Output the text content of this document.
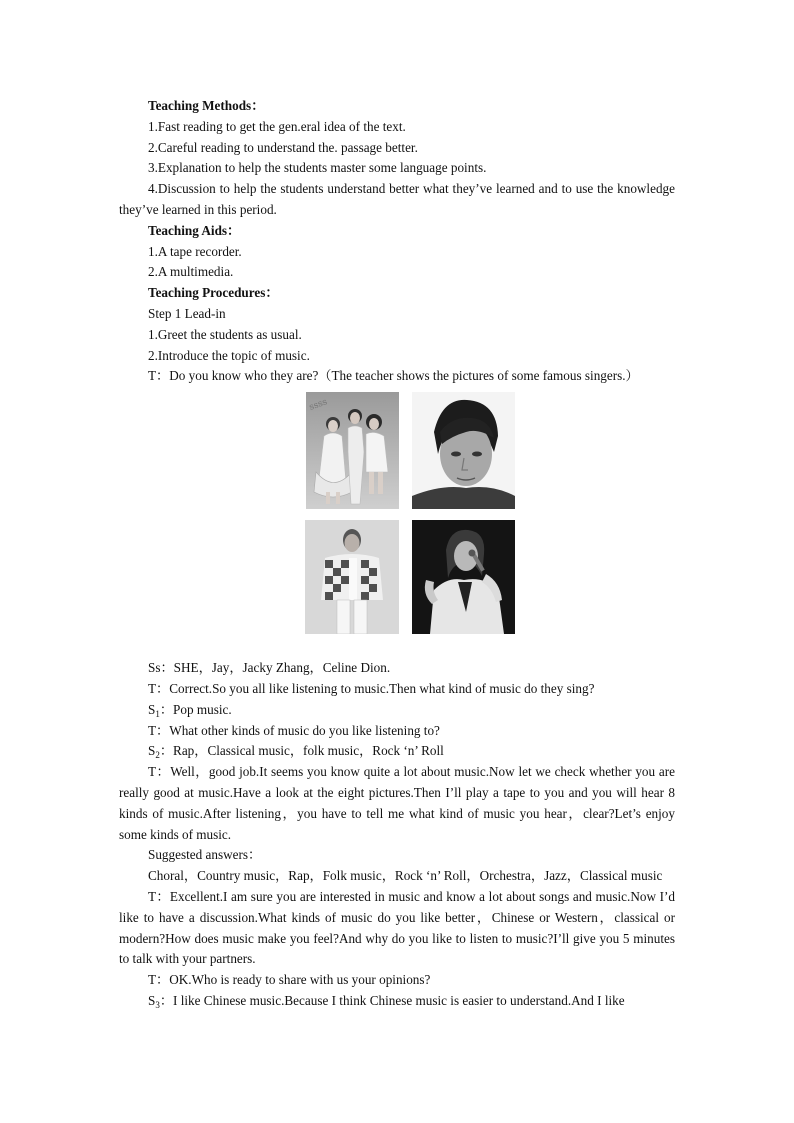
Teaching Methods：

1.Fast reading to get the gen.eral idea of the text.

2.Careful reading to understand the. passage better.

3.Explanation to help the students master some language points.

4.Discussion to help the students understand better what they’ve learned and to use the knowledge they’ve learned in this period.

Teaching Aids：

1.A tape recorder.

2.A multimedia.

Teaching Procedures：

Step 1 Lead-in

1.Greet the students as usual.

2.Introduce the topic of music.

T：Do you know who they are?（The teacher shows the pictures of some famous singers.）

ssss

Ss：SHE，Jay，Jacky Zhang，Celine Dion.

T：Correct.So you all like listening to music.Then what kind of music do they sing?

$S_1$：Pop music.

T：What other kinds of music do you like listening to?

$S_2$：Rap，Classical music，folk music，Rock ‘n’ Roll

T：Well，good job.It seems you know quite a lot about music.Now let we check whether you are really good at music.Have a look at the eight pictures.Then I’ll play a tape to you and you will hear 8 kinds of music.After listening，you have to tell me what kind of music you hear，clear?Let’s enjoy some kinds of music.

Suggested answers：

Choral，Country music，Rap，Folk music，Rock ‘n’ Roll，Orchestra，Jazz，Classical music

T：Excellent.I am sure you are interested in music and know a lot about songs and music.Now I’d like to have a discussion.What kinds of music do you like better，Chinese or Western，classical or modern?How does music make you feel?And why do you like to listen to music?I’ll give you 5 minutes to talk with your partners.

T：OK.Who is ready to share with us your opinions?

$S_3$：I like Chinese music.Because I think Chinese music is easier to understand.And I like
